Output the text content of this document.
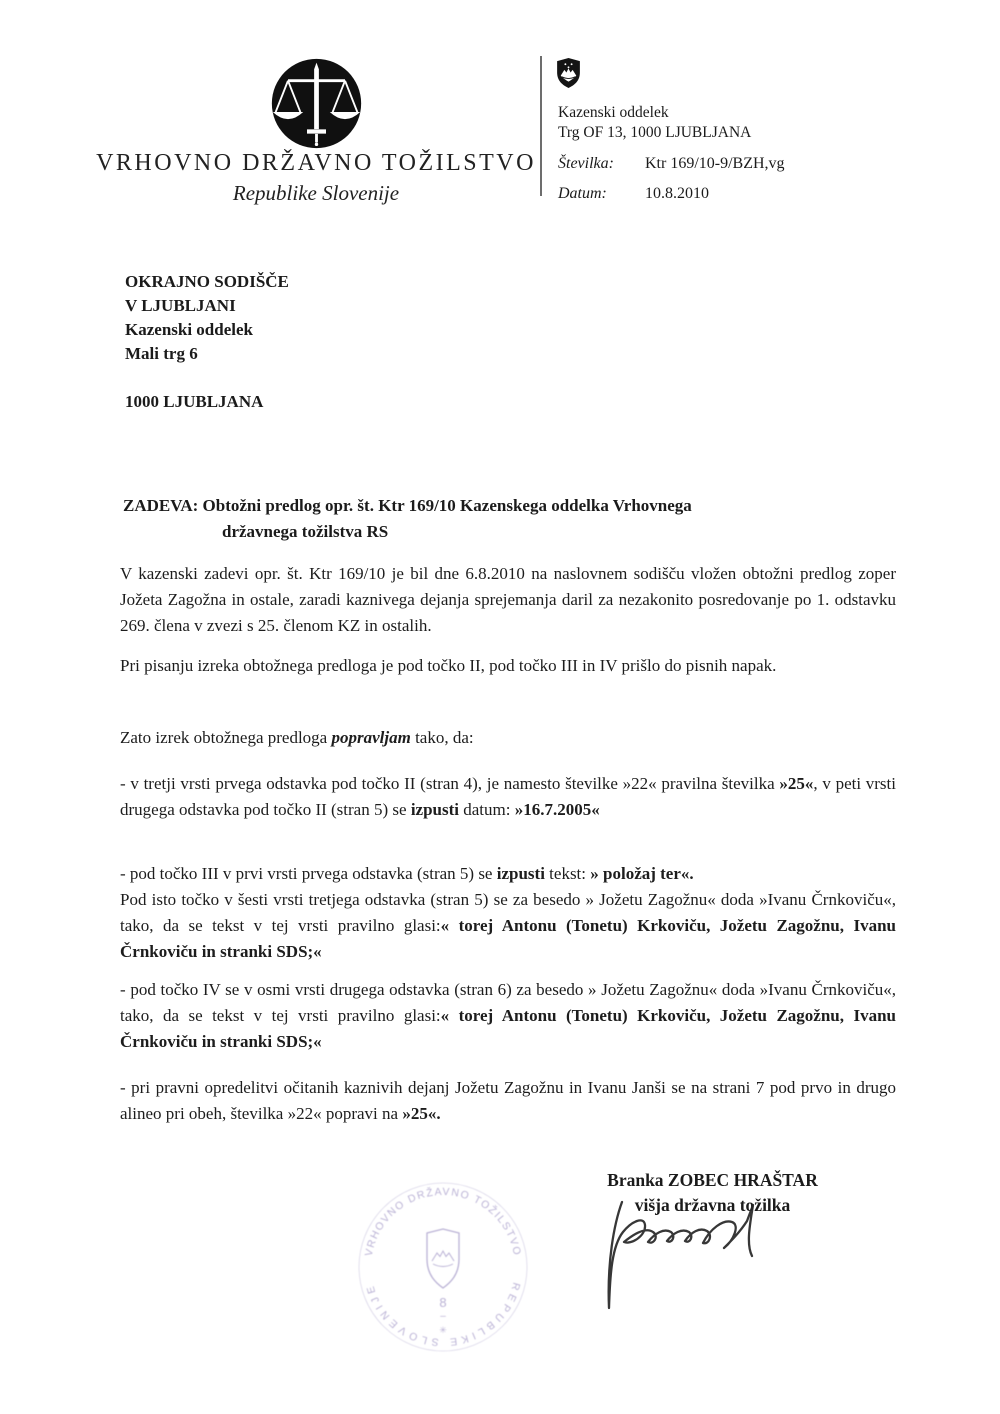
VRHOVNO DRŽAVNO TOŽILSTVO
Republike Slovenije
Kazenski oddelek
Trg OF 13, 1000 LJUBLJANA
Številka: Ktr 169/10-9/BZH,vg
Datum: 10.8.2010
OKRAJNO SODIŠČE
V LJUBLJANI
Kazenski oddelek
Mali trg 6
1000 LJUBLJANA
ZADEVA: Obtožni predlog opr. št. Ktr 169/10 Kazenskega oddelka Vrhovnega
državnega tožilstva RS

V kazenski zadevi opr. št. Ktr 169/10 je bil dne 6.8.2010 na naslovnem sodišču vložen obtožni predlog zoper Jožeta Zagožna in ostale, zaradi kaznivega dejanja sprejemanja daril za nezakonito posredovanje po 1. odstavku 269. člena v zvezi s 25. členom KZ in ostalih.

Pri pisanju izreka obtožnega predloga je pod točko II, pod točko III in IV prišlo do pisnih napak.

Zato izrek obtožnega predloga popravljam tako, da:

- v tretji vrsti prvega odstavka pod točko II (stran 4), je namesto številke »22« pravilna številka »25«, v peti vrsti drugega odstavka pod točko II (stran 5) se izpusti datum: »16.7.2005«

- pod točko III v prvi vrsti prvega odstavka (stran 5) se izpusti tekst: » položaj ter«.

Pod isto točko v šesti vrsti tretjega odstavka (stran 5) se za besedo » Jožetu Zagožnu« doda »Ivanu Črnkoviču«, tako, da se tekst v tej vrsti pravilno glasi:« torej Antonu (Tonetu) Krkoviču, Jožetu Zagožnu, Ivanu Črnkoviču in stranki SDS;«

- pod točko IV se v osmi vrsti drugega odstavka (stran 6) za besedo » Jožetu Zagožnu« doda »Ivanu Črnkoviču«, tako, da se tekst v tej vrsti pravilno glasi:« torej Antonu (Tonetu) Krkoviču, Jožetu Zagožnu, Ivanu Črnkoviču in stranki SDS;«

- pri pravni opredelitvi očitanih kaznivih dejanj Jožetu Zagožnu in Ivanu Janši se na strani 7 pod prvo in drugo alineo pri obeh, številka »22« popravi na »25«.

VRHOVNO DRŽAVNO TOŽILSTVO
REPUBLIKE SLOVENIJE
8
–
✳
Branka ZOBEC HRAŠTAR
višja državna tožilka
